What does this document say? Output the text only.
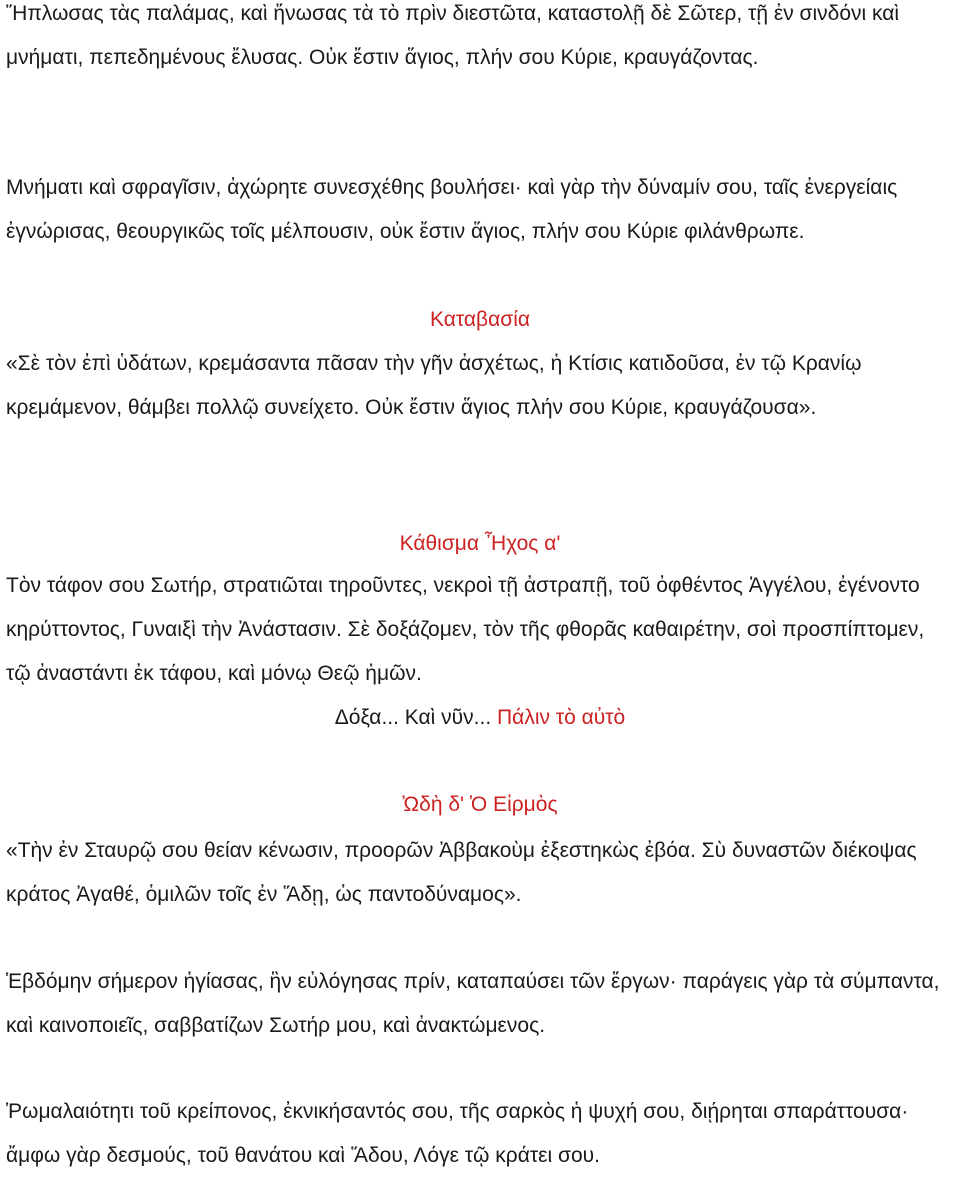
Ἥπλωσας τὰς παλάμας, καὶ ἥνωσας τὰ τὸ πρὶν διεστῶτα, καταστολῇ δὲ Σῶτερ, τῇ ἐν σινδόνι καὶ μνήματι, πεπεδημένους ἔλυσας. Οὐκ ἔστιν ἅγιος, πλήν σου Κύριε, κραυγάζοντας.

Μνήματι καὶ σφραγῖσιν, ἀχώρητε συνεσχέθης βουλήσει· καὶ γὰρ τὴν δύναμίν σου, ταῖς ἐνεργείαις ἐγνώρισας, θεουργικῶς τοῖς μέλπουσιν, οὐκ ἔστιν ἅγιος, πλήν σου Κύριε φιλάνθρωπε.

Καταβασία

«Σὲ τὸν ἐπὶ ὑδάτων, κρεμάσαντα πᾶσαν τὴν γῆν ἀσχέτως, ἡ Κτίσις κατιδοῦσα, ἐν τῷ Κρανίῳ κρεμάμενον, θάμβει πολλῷ συνείχετο. Οὐκ ἔστιν ἅγιος πλήν σου Κύριε, κραυγάζουσα».

Κάθισμα Ἦχος α'

Τὸν τάφον σου Σωτήρ, στρατιῶται τηροῦντες, νεκροὶ τῇ ἀστραπῇ, τοῦ ὀφθέντος Ἀγγέλου, ἐγένοντο κηρύττοντος, Γυναιξὶ τὴν Ἀνάστασιν. Σὲ δοξάζομεν, τὸν τῆς φθορᾶς καθαιρέτην, σοὶ προσπίπτομεν, τῷ ἀναστάντι ἐκ τάφου, καὶ μόνῳ Θεῷ ἡμῶν.

Δόξα... Καὶ νῦν... Πάλιν τὸ αὐτὸ

Ὠδὴ δ' Ὁ Εἱρμὸς

«Τὴν ἐν Σταυρῷ σου θείαν κένωσιν, προορῶν Ἀββακοὺμ ἐξεστηκὼς ἐβόα. Σὺ δυναστῶν διέκοψας κράτος Ἀγαθέ, ὁμιλῶν τοῖς ἐν Ἅδῃ, ὡς παντοδύναμος».

Ἑβδόμην σήμερον ἡγίασας, ἣν εὐλόγησας πρίν, καταπαύσει τῶν ἔργων· παράγεις γὰρ τὰ σύμπαντα, καὶ καινοποιεῖς, σαββατίζων Σωτήρ μου, καὶ ἀνακτώμενος.

Ῥωμαλαιότητι τοῦ κρείπονος, ἐκνικήσαντός σου, τῆς σαρκὸς ἡ ψυχή σου, διῄρηται σπαράττουσα· ἄμφω γὰρ δεσμούς, τοῦ θανάτου καὶ Ἅδου, Λόγε τῷ κράτει σου.
